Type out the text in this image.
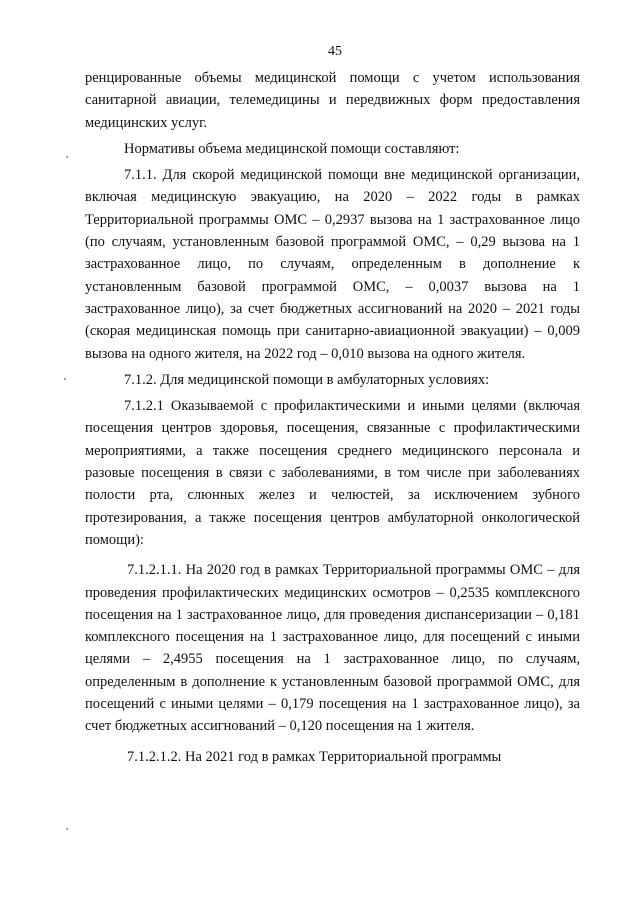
45

ренцированные объемы медицинской помощи с учетом использования санитарной авиации, телемедицины и передвижных форм предоставления медицинских услуг.

Нормативы объема медицинской помощи составляют:

7.1.1. Для скорой медицинской помощи вне медицинской организации, включая медицинскую эвакуацию, на 2020 – 2022 годы в рамках Территориальной программы ОМС – 0,2937 вызова на 1 застрахованное лицо (по случаям, установленным базовой программой ОМС, – 0,29 вызова на 1 застрахованное лицо, по случаям, определенным в дополнение к установленным базовой программой ОМС, – 0,0037 вызова на 1 застрахованное лицо), за счет бюджетных ассигнований на 2020 – 2021 годы (скорая медицинская помощь при санитарно-авиационной эвакуации) – 0,009 вызова на одного жителя, на 2022 год – 0,010 вызова на одного жителя.

7.1.2. Для медицинской помощи в амбулаторных условиях:

7.1.2.1 Оказываемой с профилактическими и иными целями (включая посещения центров здоровья, посещения, связанные с профилактическими мероприятиями, а также посещения среднего медицинского персонала и разовые посещения в связи с заболеваниями, в том числе при заболеваниях полости рта, слюнных желез и челюстей, за исключением зубного протезирования, а также посещения центров амбулаторной онкологической помощи):

7.1.2.1.1. На 2020 год в рамках Территориальной программы ОМС – для проведения профилактических медицинских осмотров – 0,2535 комплексного посещения на 1 застрахованное лицо, для проведения диспансеризации – 0,181 комплексного посещения на 1 застрахованное лицо, для посещений с иными целями – 2,4955 посещения на 1 застрахованное лицо, по случаям, определенным в дополнение к установленным базовой программой ОМС, для посещений с иными целями – 0,179 посещения на 1 застрахованное лицо), за счет бюджетных ассигнований – 0,120 посещения на 1 жителя.

7.1.2.1.2. На 2021 год в рамках Территориальной программы
